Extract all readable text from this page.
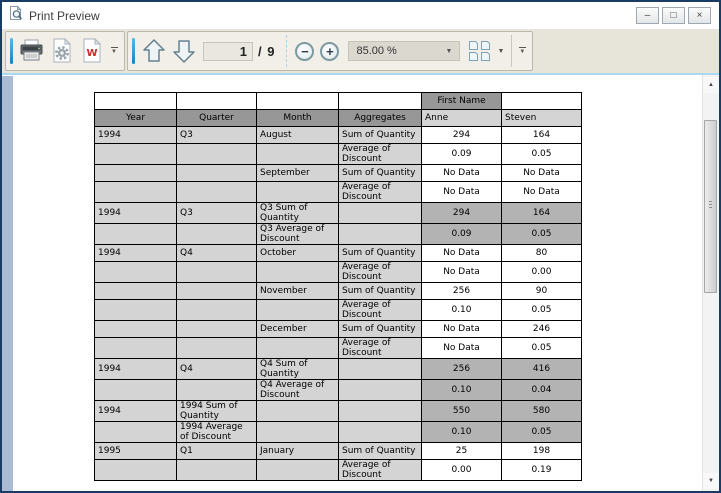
Print Preview	–	□	×
W ▼	1 / 9	−	+	85.00 %	▼	▼	▼
				First Name	
Year	Quarter	Month	Aggregates	Anne	Steven
1994	Q3	August	Sum of Quantity	294	164
			Average of Discount	0.09	0.05
		September	Sum of Quantity	No Data	No Data
			Average of Discount	No Data	No Data
1994	Q3	Q3 Sum of Quantity		294	164
		Q3 Average of Discount		0.09	0.05
1994	Q4	October	Sum of Quantity	No Data	80
			Average of Discount	No Data	0.00
		November	Sum of Quantity	256	90
			Average of Discount	0.10	0.05
		December	Sum of Quantity	No Data	246
			Average of Discount	No Data	0.05
1994	Q4	Q4 Sum of Quantity		256	416
		Q4 Average of Discount		0.10	0.04
1994	1994 Sum of Quantity			550	580
	1994 Average of Discount			0.10	0.05
1995	Q1	January	Sum of Quantity	25	198
			Average of Discount	0.00	0.19
▲
▼
